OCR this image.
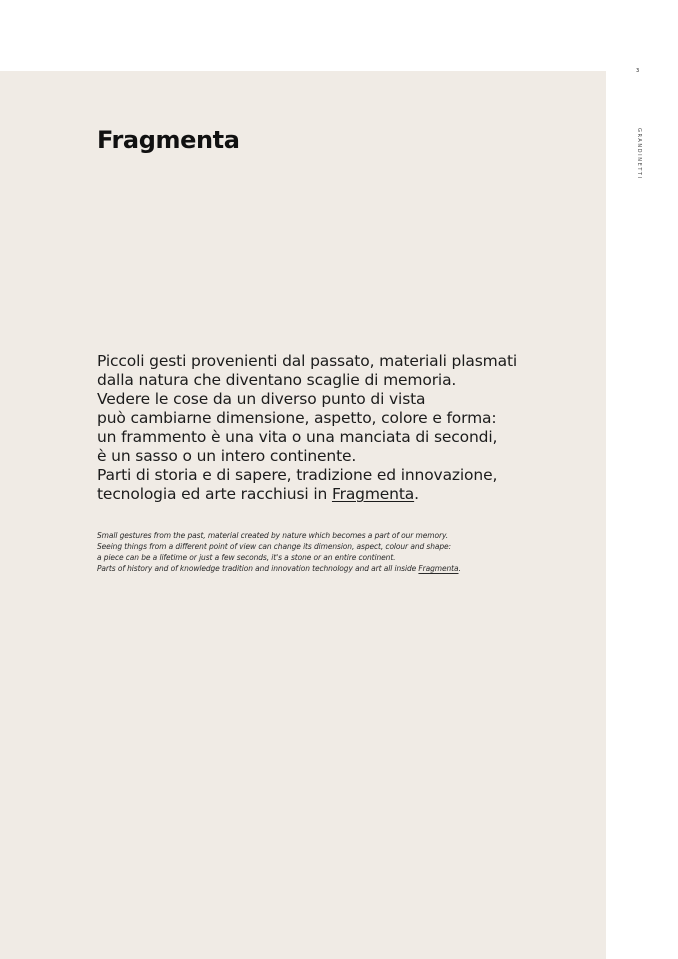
3
GRANDINETTI
Fragmenta
Piccoli gesti provenienti dal passato, materiali plasmati
dalla natura che diventano scaglie di memoria.
Vedere le cose da un diverso punto di vista
può cambiarne dimensione, aspetto, colore e forma:
un frammento è una vita o una manciata di secondi,
è un sasso o un intero continente.
Parti di storia e di sapere, tradizione ed innovazione,
tecnologia ed arte racchiusi in Fragmenta.
Small gestures from the past, material created by nature which becomes a part of our memory.
Seeing things from a different point of view can change its dimension, aspect, colour and shape:
a piece can be a lifetime or just a few seconds, it's a stone or an entire continent.
Parts of history and of knowledge tradition and innovation technology and art all inside Fragmenta.
